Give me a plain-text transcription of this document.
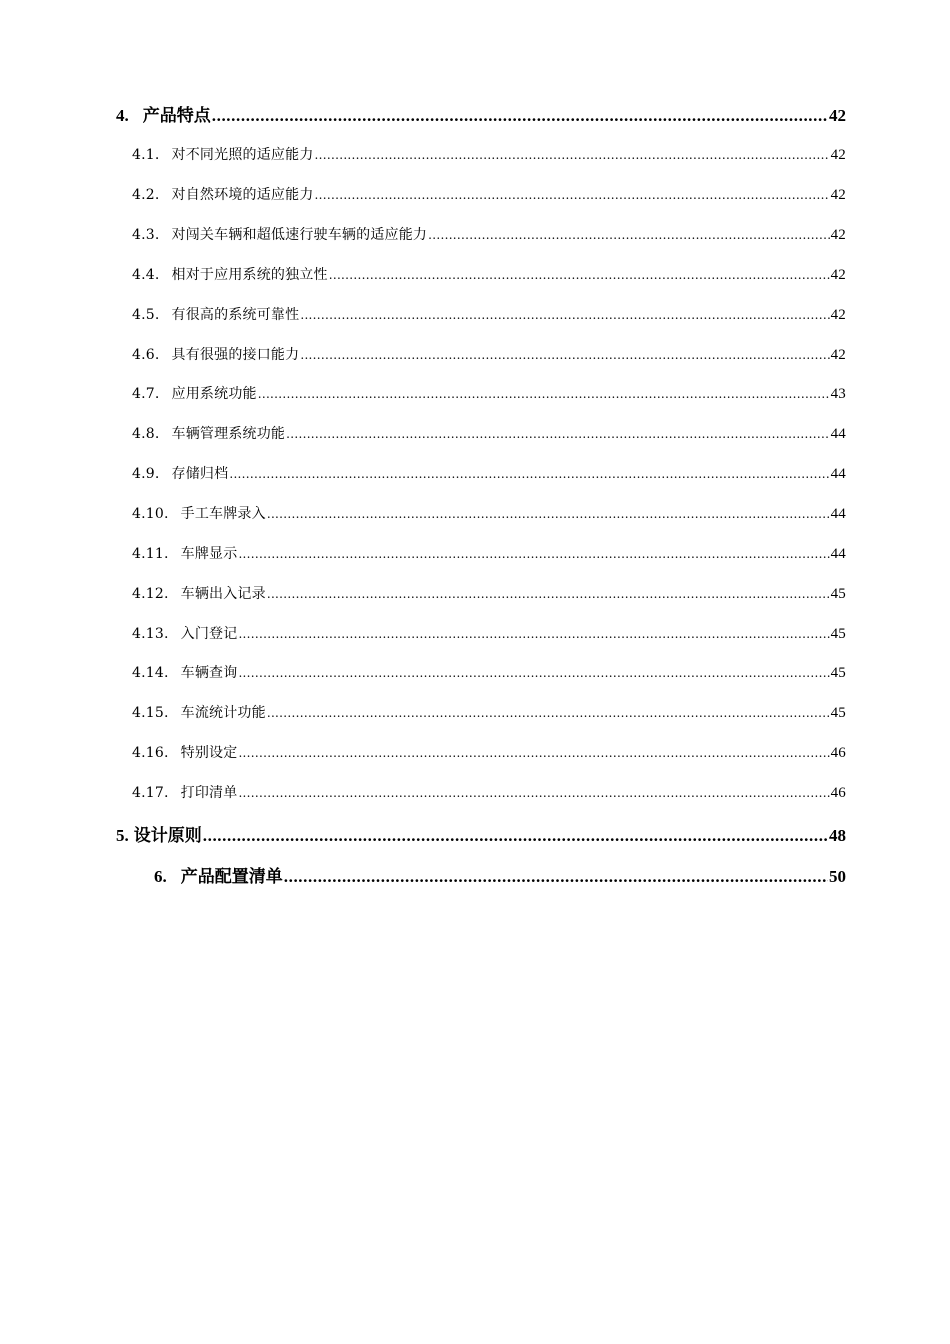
4. 产品特点 .....	42
4.1. 对不同光照的适应能力 .....	42
4.2. 对自然环境的适应能力 .....	42
4.3. 对闯关车辆和超低速行驶车辆的适应能力 .....	42
4.4. 相对于应用系统的独立性 .....	42
4.5. 有很高的系统可靠性 .....	42
4.6. 具有很强的接口能力 .....	42
4.7. 应用系统功能 .....	43
4.8. 车辆管理系统功能 .....	44
4.9. 存储归档 .....	44
4.10. 手工车牌录入 .....	44
4.11. 车牌显示 .....	44
4.12. 车辆出入记录 .....	45
4.13. 入门登记 .....	45
4.14. 车辆查询 .....	45
4.15. 车流统计功能 .....	45
4.16. 特别设定 .....	46
4.17. 打印清单 .....	46
5. 设计原则 .....	48
6. 产品配置清单 .....	50
